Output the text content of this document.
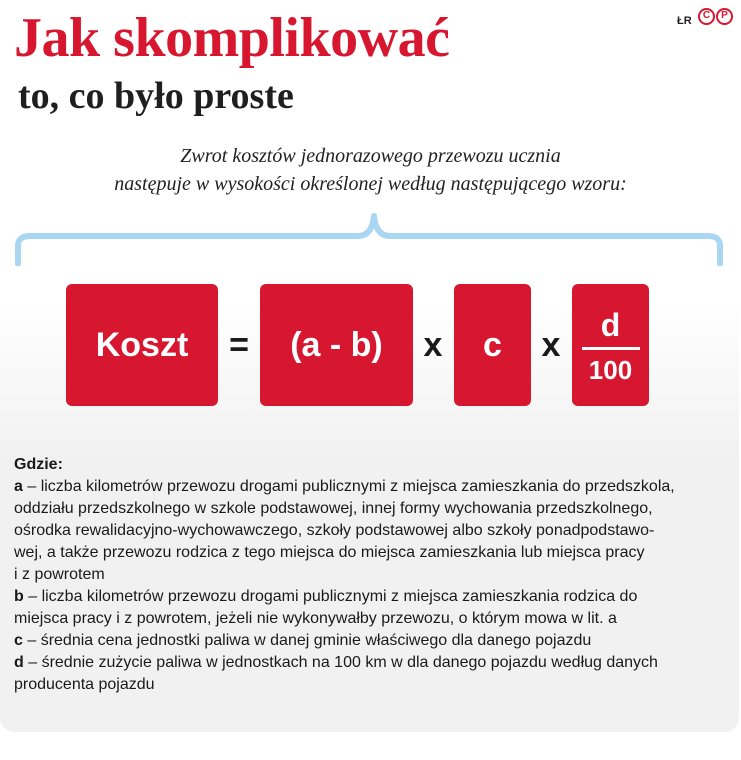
Jak skomplikować
to, co było proste
ŁR	C	P
Zwrot kosztów jednorazowego przewozu ucznia
następuje w wysokości określonej według następującego wzoru:
Koszt = (a - b) x c	x
d
100

Gdzie:

a – liczba kilometrów przewozu drogami publicznymi z miejsca zamieszkania do przedszkola,

oddziału przedszkolnego w szkole podstawowej, innej formy wychowania przedszkolnego,

ośrodka rewalidacyjno-wychowawczego, szkoły podstawowej albo szkoły ponadpodstawo-

wej, a także przewozu rodzica z tego miejsca do miejsca zamieszkania lub miejsca pracy

i z powrotem

b – liczba kilometrów przewozu drogami publicznymi z miejsca zamieszkania rodzica do

miejsca pracy i z powrotem, jeżeli nie wykonywałby przewozu, o którym mowa w lit. a

c – średnia cena jednostki paliwa w danej gminie właściwego dla danego pojazdu

d – średnie zużycie paliwa w jednostkach na 100 km w dla danego pojazdu według danych

producenta pojazdu
